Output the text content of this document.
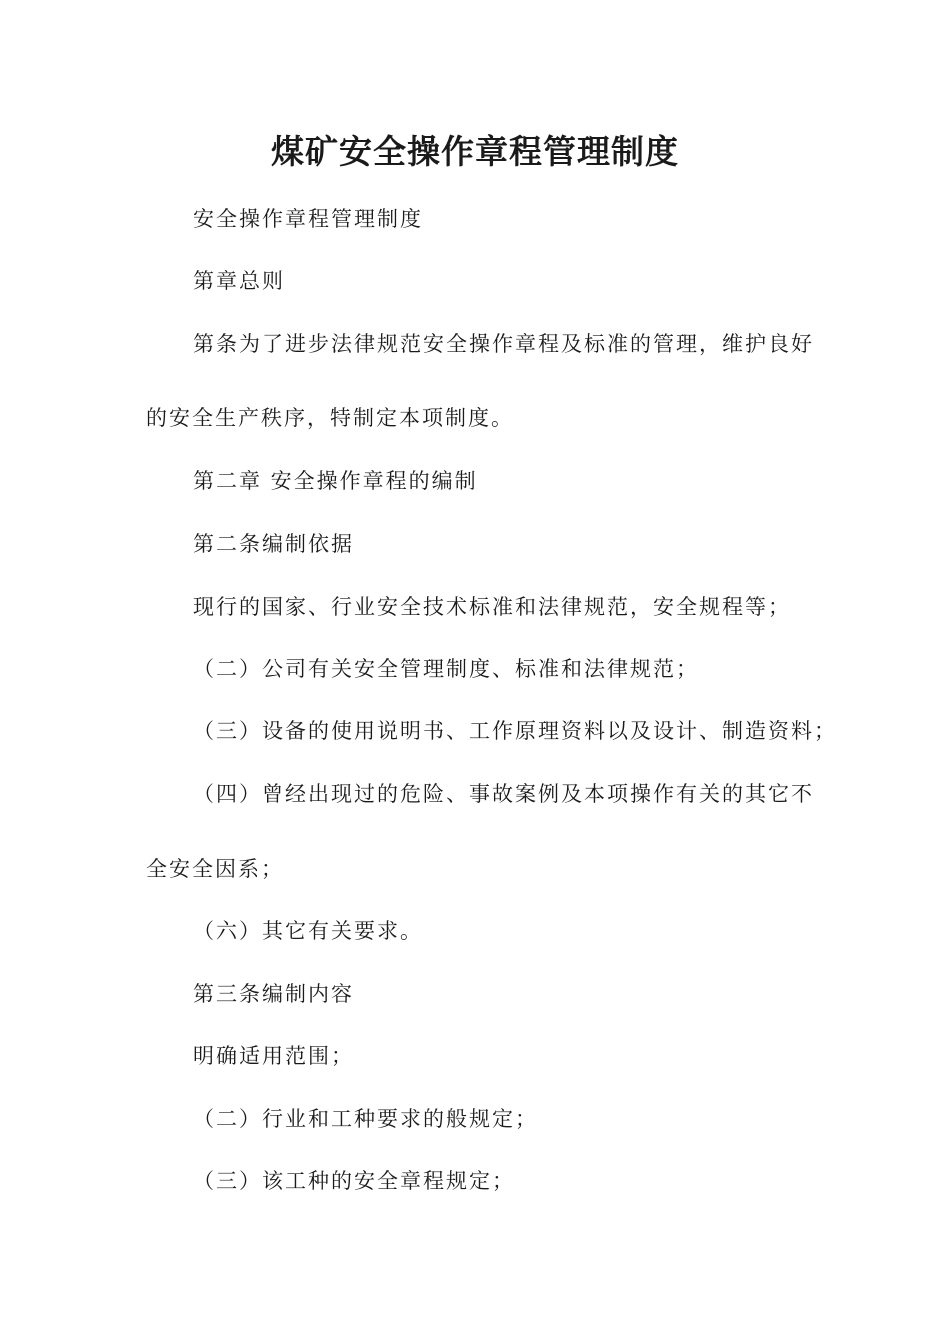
煤矿安全操作章程管理制度

安全操作章程管理制度

第章总则

第条为了进步法律规范安全操作章程及标准的管理，维护良好

的安全生产秩序，特制定本项制度。

第二章 安全操作章程的编制

第二条编制依据

现行的国家、行业安全技术标准和法律规范，安全规程等；

（二）公司有关安全管理制度、标准和法律规范；

（三）设备的使用说明书、工作原理资料以及设计、制造资料；

（四）曾经出现过的危险、事故案例及本项操作有关的其它不

全安全因系；

（六）其它有关要求。

第三条编制内容

明确适用范围；

（二）行业和工种要求的般规定；

（三）该工种的安全章程规定；
